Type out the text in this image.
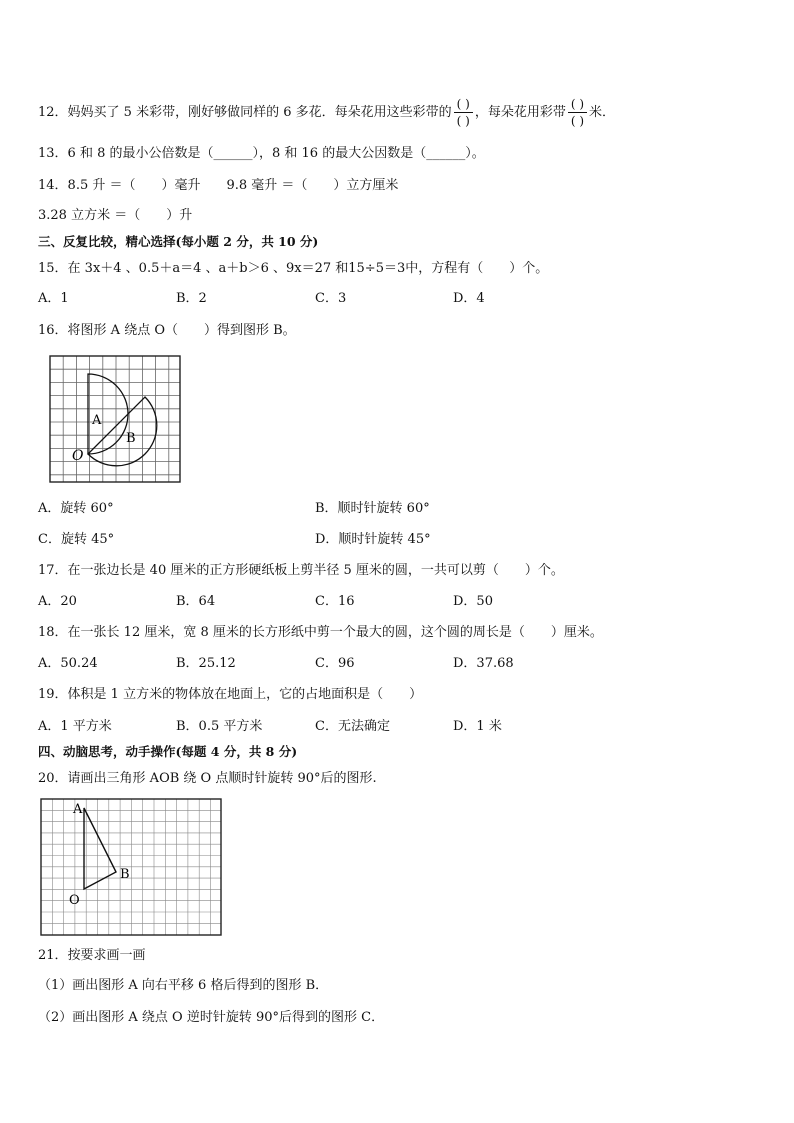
12．妈妈买了 5 米彩带，刚好够做同样的 6 多花．每朵花用这些彩带的 $\frac{( )}{( )}$ ，每朵花用彩带 $\frac{( )}{( )}$ 米．
13．6 和 8 的最小公倍数是（______），8 和 16 的最大公因数是（______）。
14．8.5 升 ＝（　　）毫升　　9.8 毫升 ＝（　　）立方厘米
3.28 立方米 ＝（　　）升
三、反复比较，精心选择(每小题 2 分，共 10 分)
15．在 3x＋4 、0.5＋a＝4 、a＋b＞6 、9x＝27 和15÷5＝3中，方程有（　　）个。
A．1	B．2	C．3	D．4
16．将图形 A 绕点 O（　　）得到图形 B。
A
B
O
A．旋转 60°	B．顺时针旋转 60°
C．旋转 45°	D．顺时针旋转 45°
17．在一张边长是 40 厘米的正方形硬纸板上剪半径 5 厘米的圆，一共可以剪（　　）个。
A．20	B．64	C．16	D．50
18．在一张长 12 厘米，宽 8 厘米的长方形纸中剪一个最大的圆，这个圆的周长是（　　）厘米。
A．50.24	B．25.12	C．96	D．37.68
19．体积是 1 立方米的物体放在地面上，它的占地面积是（　　）
A．1 平方米	B．0.5 平方米	C．无法确定	D．1 米
四、动脑思考，动手操作(每题 4 分，共 8 分)
20．请画出三角形 AOB 绕 O 点顺时针旋转 90°后的图形.
A
B
O
21．按要求画一画
（1）画出图形 A 向右平移 6 格后得到的图形 B．
（2）画出图形 A 绕点 O 逆时针旋转 90°后得到的图形 C．
